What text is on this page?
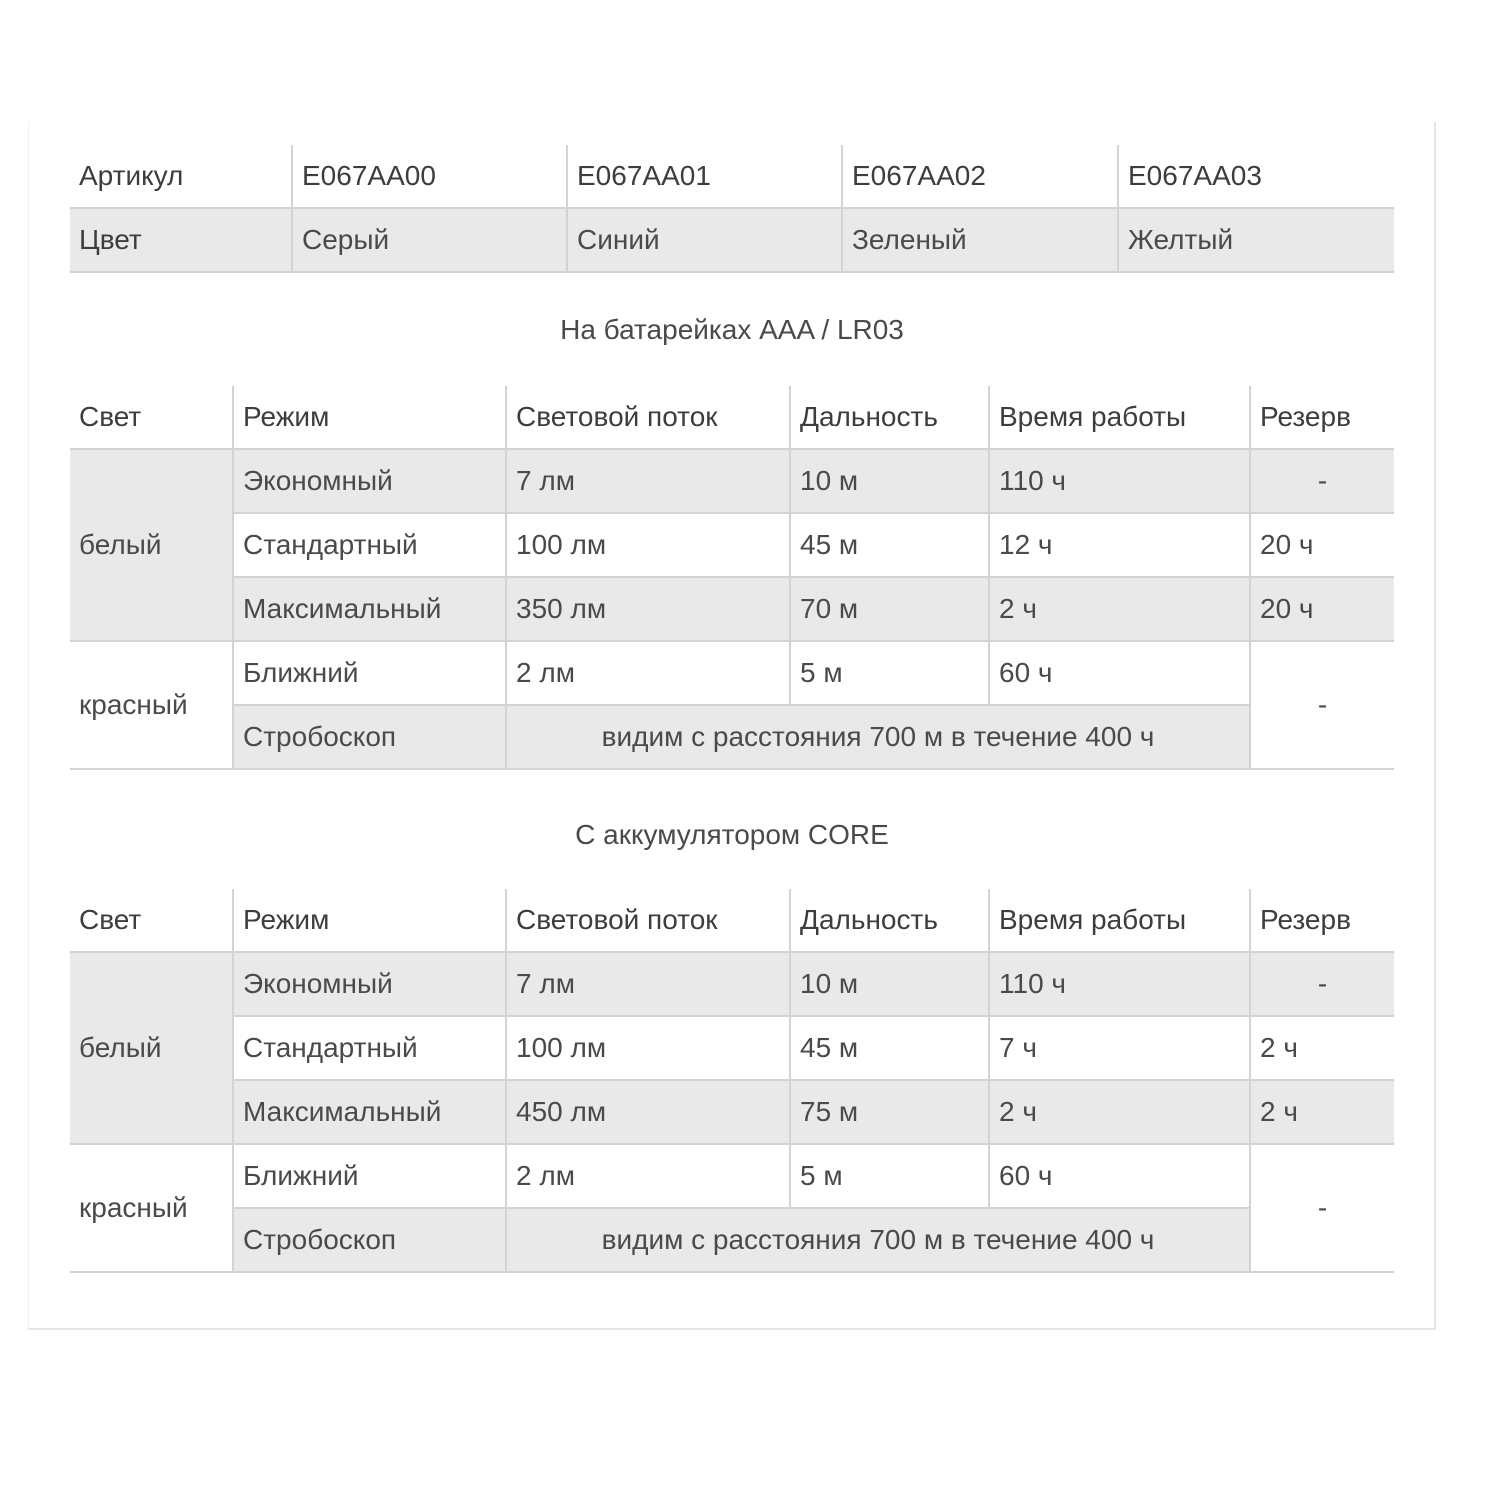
Артикул	E067AA00	E067AA01	E067AA02	E067AA03
Цвет	Серый	Синий	Зеленый	Желтый
На батарейках AAA / LR03
Свет	Режим	Световой поток	Дальность	Время работы	Резерв
белый	Экономный	7 лм	10 м	110 ч	-
	Стандартный	100 лм	45 м	12 ч	20 ч
	Максимальный	350 лм	70 м	2 ч	20 ч
красный	Ближний	2 лм	5 м	60 ч	-
	Стробоскоп	видим с расстояния 700 м в течение 400 ч			
С аккумулятором CORE
Свет	Режим	Световой поток	Дальность	Время работы	Резерв
белый	Экономный	7 лм	10 м	110 ч	-
	Стандартный	100 лм	45 м	7 ч	2 ч
	Максимальный	450 лм	75 м	2 ч	2 ч
красный	Ближний	2 лм	5 м	60 ч	-
	Стробоскоп	видим с расстояния 700 м в течение 400 ч			
